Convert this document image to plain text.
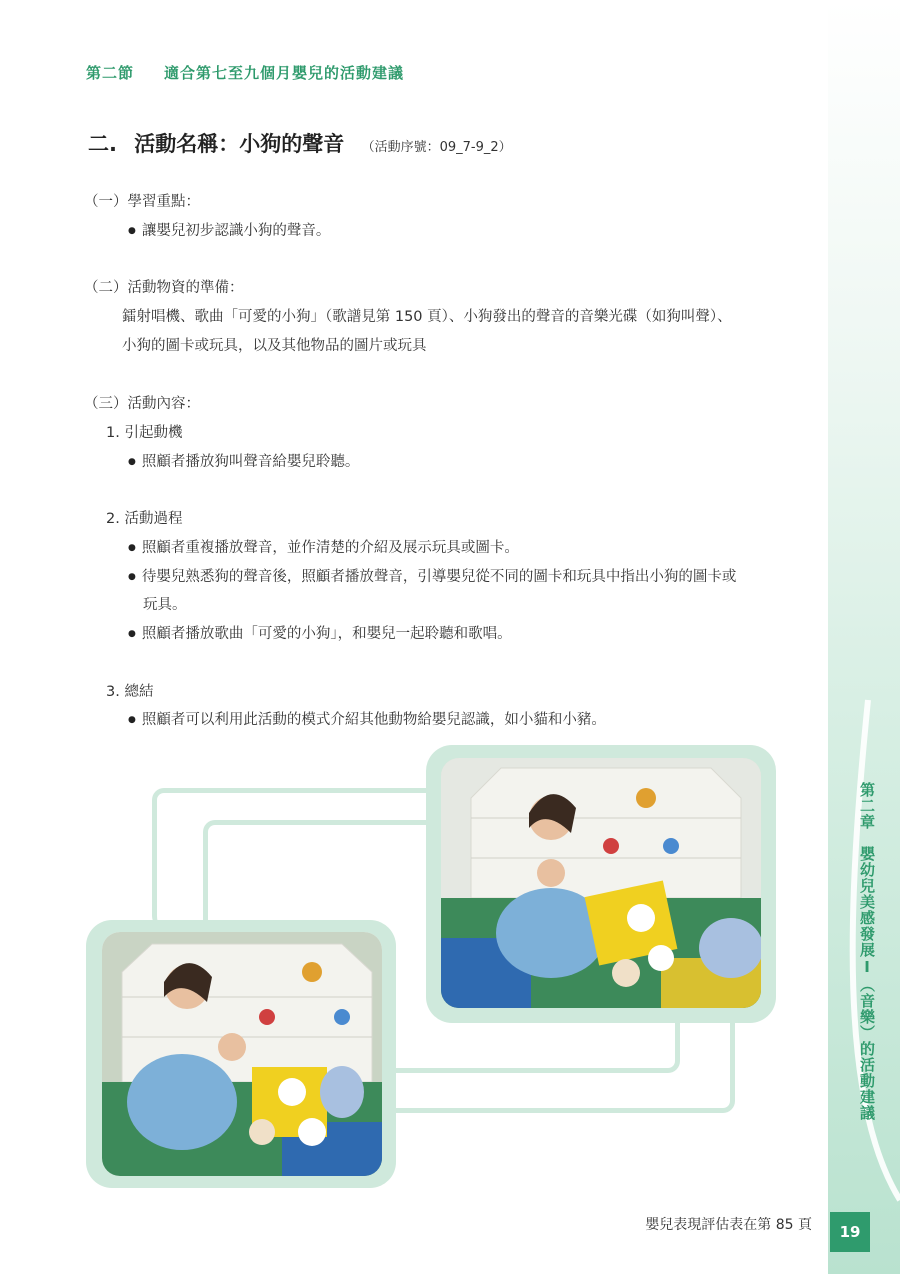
第二章　嬰幼兒美感發展Ⅰ（音樂）的活動建議
19
第二節 適合第七至九個月嬰兒的活動建議
二. 活動名稱：小狗的聲音 （活動序號：09_7-9_2）
（一）學習重點：
● 讓嬰兒初步認識小狗的聲音。
（二）活動物資的準備：
鐳射唱機、歌曲「可愛的小狗」（歌譜見第 150 頁）、小狗發出的聲音的音樂光碟（如狗叫聲）、
小狗的圖卡或玩具，以及其他物品的圖片或玩具
（三）活動內容：
1. 引起動機
● 照顧者播放狗叫聲音給嬰兒聆聽。
2. 活動過程
● 照顧者重複播放聲音，並作清楚的介紹及展示玩具或圖卡。
● 待嬰兒熟悉狗的聲音後，照顧者播放聲音，引導嬰兒從不同的圖卡和玩具中指出小狗的圖卡或
玩具。
● 照顧者播放歌曲「可愛的小狗」，和嬰兒一起聆聽和歌唱。
3. 總結
● 照顧者可以利用此活動的模式介紹其他動物給嬰兒認識，如小貓和小豬。
嬰兒表現評估表在第 85 頁
